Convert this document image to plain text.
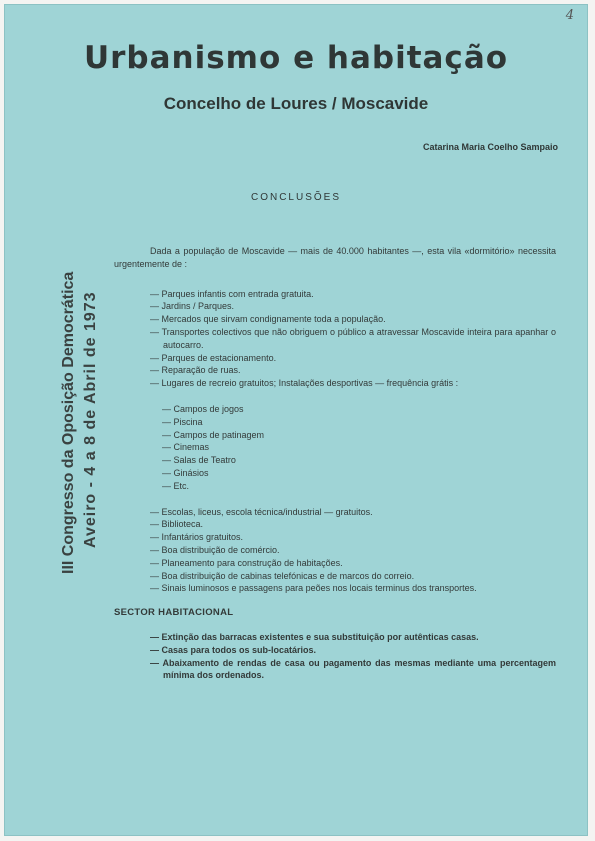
4
Urbanismo e habitação
Concelho de Loures / Moscavide
Catarina Maria Coelho Sampaio
CONCLUSÕES
III Congresso da Oposição Democrática Aveiro - 4 a 8 de Abril de 1973

Dada a população de Moscavide — mais de 40.000 habitantes —, esta vila «dormitório» necessita urgentemente de :

— Parques infantis com entrada gratuita.
— Jardins / Parques.
— Mercados que sirvam condignamente toda a população.
— Transportes colectivos que não obriguem o público a atravessar Moscavide inteira para apanhar o autocarro.
— Parques de estacionamento.
— Reparação de ruas.
— Lugares de recreio gratuitos; Instalações desportivas — frequência grátis :
— Campos de jogos
— Piscina
— Campos de patinagem
— Cinemas
— Salas de Teatro
— Ginásios
— Etc.
— Escolas, liceus, escola técnica/industrial — gratuitos.
— Biblioteca.
— Infantários gratuitos.
— Boa distribuição de comércio.
— Planeamento para construção de habitações.
— Boa distribuição de cabinas telefónicas e de marcos do correio.
— Sinais luminosos e passagens para peões nos locais terminus dos transportes.
SECTOR HABITACIONAL
— Extinção das barracas existentes e sua substituição por autênticas casas.
— Casas para todos os sub-locatários.
— Abaixamento de rendas de casa ou pagamento das mesmas mediante uma percentagem mínima dos ordenados.
